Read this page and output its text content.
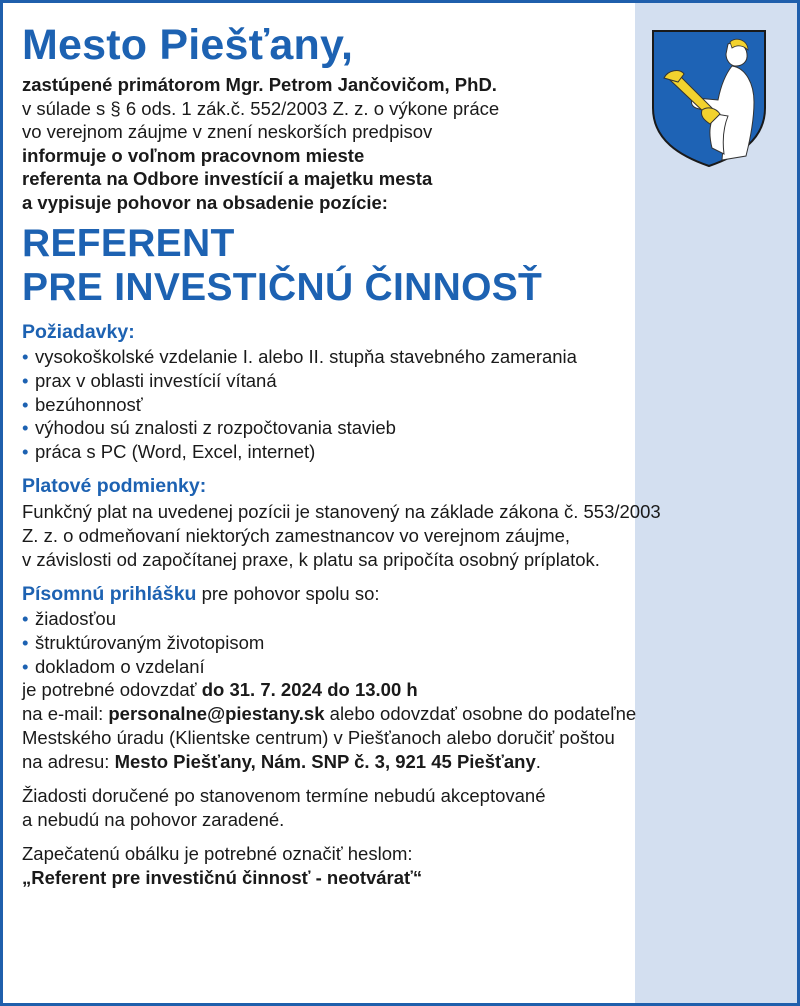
Mesto Piešťany,
zastúpené primátorom Mgr. Petrom Jančovičom, PhD.
v súlade s § 6 ods. 1 zák.č. 552/2003 Z. z. o výkone práce
vo verejnom záujme v znení neskorších predpisov
informuje o voľnom pracovnom mieste
referenta na Odbore investícií a majetku mesta
a vypisuje pohovor na obsadenie pozície:
REFERENT
PRE INVESTIČNÚ ČINNOSŤ
Požiadavky:
• vysokoškolské vzdelanie I. alebo II. stupňa stavebného zamerania
• prax v oblasti investícií vítaná
• bezúhonnosť
• výhodou sú znalosti z rozpočtovania stavieb
• práca s PC (Word, Excel, internet)
Platové podmienky:
Funkčný plat na uvedenej pozícii je stanovený na základe zákona č. 553/2003
Z. z. o odmeňovaní niektorých zamestnancov vo verejnom záujme,
v závislosti od započítanej praxe, k platu sa pripočíta osobný príplatok.
Písomnú prihlášku pre pohovor spolu so:
• žiadosťou
• štruktúrovaným životopisom
• dokladom o vzdelaní
je potrebné odovzdať do 31. 7. 2024 do 13.00 h
na e-mail: personalne@piestany.sk alebo odovzdať osobne do podateľne
Mestského úradu (Klientske centrum) v Piešťanoch alebo doručiť poštou
na adresu: Mesto Piešťany, Nám. SNP č. 3, 921 45 Piešťany.
Žiadosti doručené po stanovenom termíne nebudú akceptované
a nebudú na pohovor zaradené.
Zapečatenú obálku je potrebné označiť heslom:
„Referent pre investičnú činnosť - neotvárať“
